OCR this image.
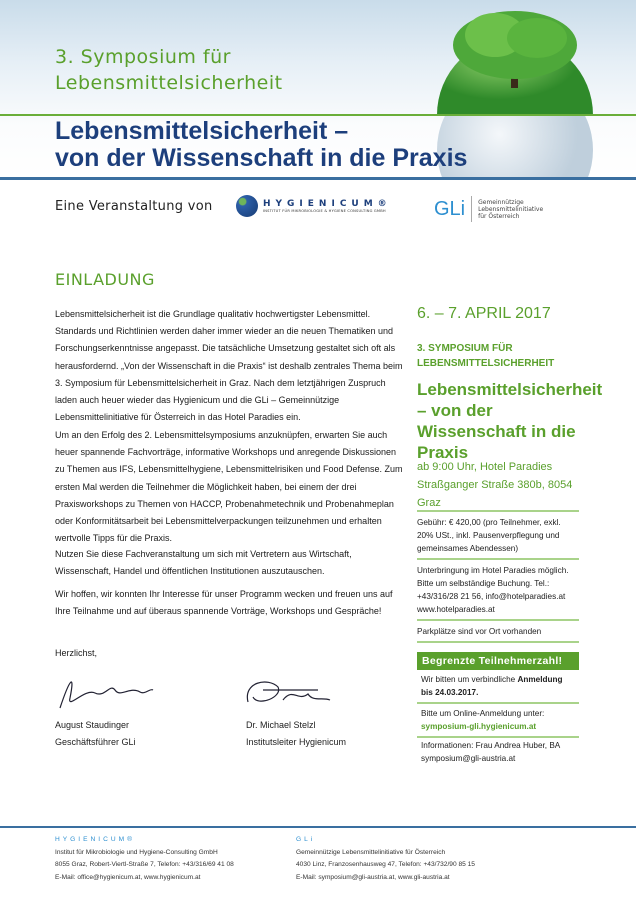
3. Symposium für
Lebensmittelsicherheit
Lebensmittelsicherheit –
von der Wissenschaft in die Praxis
Eine Veranstaltung von	HYGIENICUM®
INSTITUT FÜR MIKROBIOLOGIE & HYGIENE CONSULTING GMBH GLi Gemeinnützige
Lebensmittelinitiative
für Österreich
EINLADUNG
Lebensmittelsicherheit ist die Grundlage qualitativ hochwertigster Lebensmittel. Standards und Richtlinien werden daher immer wieder an die neuen Thematiken und Forschungserkenntnisse angepasst. Die tatsächliche Umsetzung gestaltet sich oft als herausfordernd. „Von der Wissenschaft in die Praxis“ ist deshalb zentrales Thema beim 3. Symposium für Lebensmittelsicherheit in Graz. Nach dem letztjährigen Zuspruch laden auch heuer wieder das Hygienicum und die GLi – Gemeinnützige Lebensmittelinitiative für Österreich in das Hotel Paradies ein.
Um an den Erfolg des 2. Lebensmittelsymposiums anzuknüpfen, erwarten Sie auch heuer spannende Fachvorträge, informative Workshops und anregende Diskussionen zu Themen aus IFS, Lebensmittelhygiene, Lebensmittelrisiken und Food Defense. Zum ersten Mal werden die Teilnehmer die Möglichkeit haben, bei einem der drei Praxisworkshops zu Themen von HACCP, Probenahmetechnik und Probenahmeplan oder Konformitätsarbeit bei Lebensmittelverpackungen teilzunehmen und erhalten wertvolle Tipps für die Praxis.
Nutzen Sie diese Fachveranstaltung um sich mit Vertretern aus Wirtschaft, Wissenschaft, Handel und öffentlichen Institutionen auszutauschen.
Wir hoffen, wir konnten Ihr Interesse für unser Programm wecken und freuen uns auf Ihre Teilnahme und auf überaus spannende Vorträge, Workshops und Gespräche!
Herzlichst,
August Staudinger
Geschäftsführer GLi
Dr. Michael Stelzl
Institutsleiter Hygienicum
6. – 7. APRIL 2017
3. SYMPOSIUM FÜR LEBENSMITTELSICHERHEIT
Lebensmittelsicherheit – von der Wissenschaft in die Praxis
ab 9:00 Uhr, Hotel Paradies
Straßganger Straße 380b, 8054 Graz
Gebühr: € 420,00 (pro Teilnehmer, exkl. 20% USt., inkl. Pausenverpflegung und gemeinsames Abendessen)
Unterbringung im Hotel Paradies möglich. Bitte um selbständige Buchung. Tel.: +43/316/28 21 56, info@hotelparadies.at www.hotelparadies.at
Parkplätze sind vor Ort vorhanden
Begrenzte Teilnehmerzahl!
Wir bitten um verbindliche Anmeldung bis 24.03.2017.
Bitte um Online-Anmeldung unter:
symposium-gli.hygienicum.at
Informationen: Frau Andrea Huber, BA
symposium@gli-austria.at
HYGIENICUM®
Institut für Mikrobiologie und Hygiene-Consulting GmbH
8055 Graz, Robert-Viertl-Straße 7, Telefon: +43/316/69 41 08
E-Mail: office@hygienicum.at, www.hygienicum.at
GLi
Gemeinnützige Lebensmittelinitiative für Österreich
4030 Linz, Franzosenhausweg 47, Telefon: +43/732/90 85 15
E-Mail: symposium@gli-austria.at, www.gli-austria.at
